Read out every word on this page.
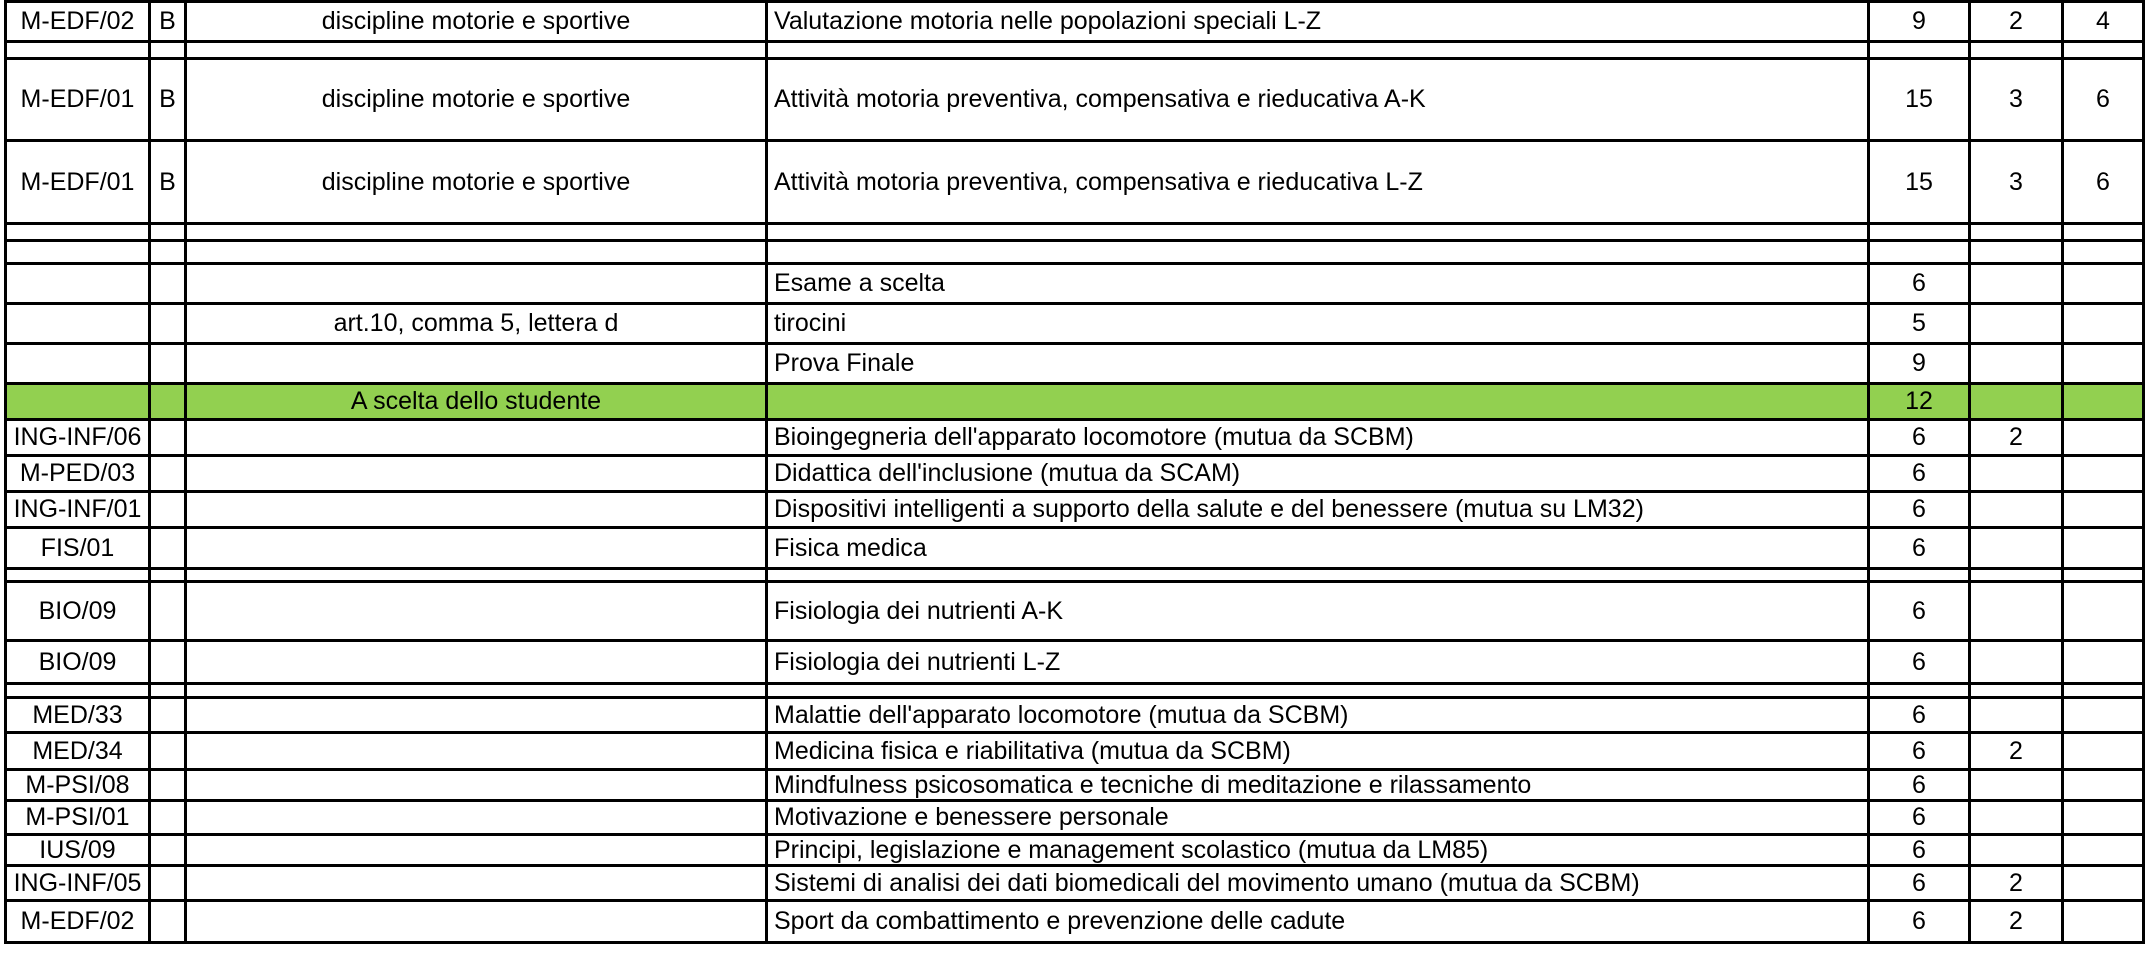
M-EDF/02	B	discipline motorie e sportive	Valutazione motoria nelle popolazioni speciali L-Z	9	2	4

M-EDF/01	B	discipline motorie e sportive	Attività motoria preventiva, compensativa e rieducativa A-K	15	3	6
M-EDF/01	B	discipline motorie e sportive	Attività motoria preventiva, compensativa e rieducativa L-Z	15	3	6

			Esame a scelta	6		
		art.10, comma 5, lettera d	tirocini	5		
			Prova Finale	9		
		A scelta dello studente		12		
ING-INF/06			Bioingegneria dell'apparato locomotore (mutua da SCBM)	6	2	
M-PED/03			Didattica dell'inclusione (mutua da SCAM)	6		
ING-INF/01			Dispositivi intelligenti a supporto della salute e del benessere (mutua su LM32)	6		
FIS/01			Fisica medica	6		

BIO/09			Fisiologia dei nutrienti A-K	6		
BIO/09			Fisiologia dei nutrienti L-Z	6		

MED/33			Malattie dell'apparato locomotore (mutua da SCBM)	6		
MED/34			Medicina fisica e riabilitativa (mutua da SCBM)	6	2	
M-PSI/08			Mindfulness psicosomatica e tecniche di meditazione e rilassamento	6		
M-PSI/01			Motivazione e benessere personale	6		
IUS/09			Principi, legislazione e management scolastico (mutua da LM85)	6		
ING-INF/05			Sistemi di analisi dei dati biomedicali del movimento umano (mutua da SCBM)	6	2	
M-EDF/02			Sport da combattimento e prevenzione delle cadute	6	2	
